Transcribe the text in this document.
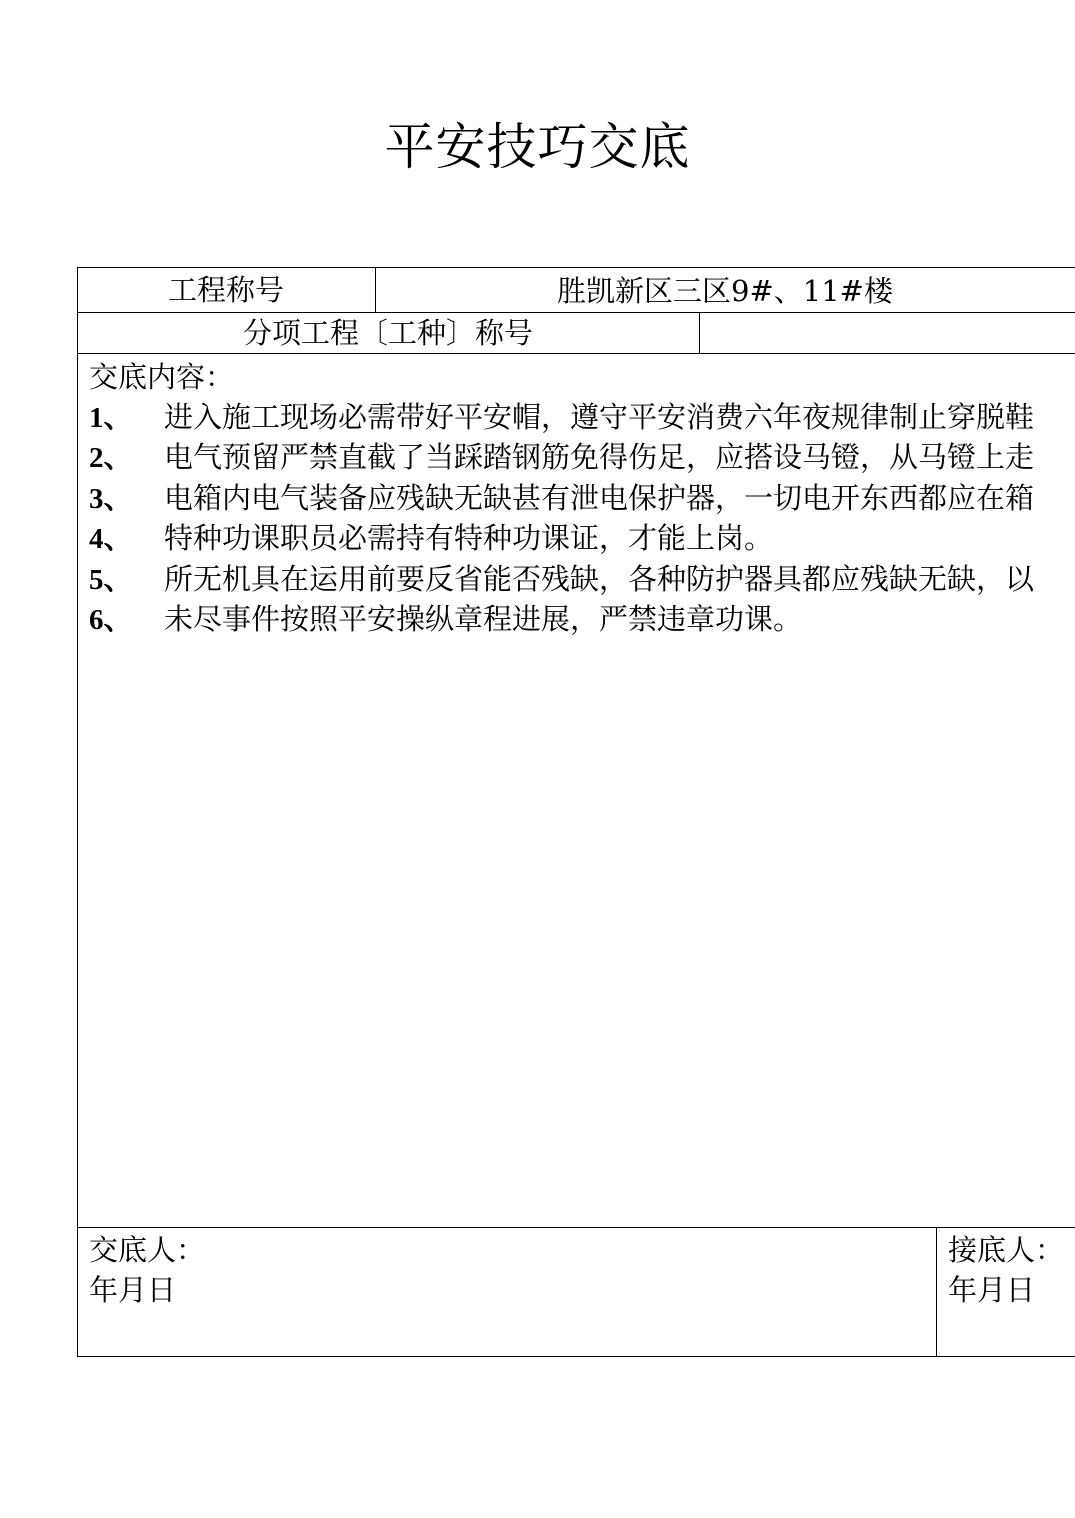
平安技巧交底
工程称号	胜凯新区三区9#、11#楼
分项工程〔工种〕称号
交底内容：
1、 进入施工现场必需带好平安帽，遵守平安消费六年夜规律制止穿脱鞋
2、 电气预留严禁直截了当踩踏钢筋免得伤足，应搭设马镫，从马镫上走
3、 电箱内电气装备应残缺无缺甚有泄电保护器，一切电开东西都应在箱
4、 特种功课职员必需持有特种功课证，才能上岗。
5、 所无机具在运用前要反省能否残缺，各种防护器具都应残缺无缺，以
6、 未尽事件按照平安操纵章程进展，严禁违章功课。
交底人：
年月日
接底人：
年月日
